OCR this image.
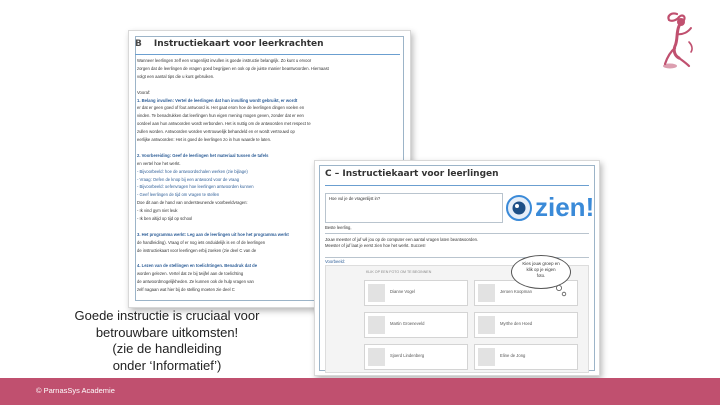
B Instructiekaart voor leerkrachten
Wanneer leerlingen zelf een vragenlijst invullen is goede instructie belangrijk. Zo kunt u ervoor
zorgen dat de leerlingen de vragen goed begrijpen en ook op de juiste manier beantwoorden. Hiernaast
volgt een aantal tips die u kunt gebruiken.
Vooraf:
1. Belang invullen: Vertel de leerlingen dat hun invulling wordt gebruikt, er wordt
er dat er geen goed of fout antwoord is. Het gaat erom hoe de leerlingen dingen voelen en
vinden. Te benadrukken dat leerlingen hun eigen mening mogen geven, zonder dat er een
oordeel aan hun antwoorden wordt verbonden. Het is nuttig om de antwoorden met respect te
zullen worden. Antwoorden worden vertrouwelijk behandeld en er wordt vertrouwd op
eerlijke antwoorden: Het is goed de leerlingen zo in hun waarde te laten.
2. Voorbereiding: Geef de leerlingen het materiaal tussen de tafels
en vertel hoe het werkt.
- Bijvoorbeeld: hoe de antwoordschalen werken (zie bijlage)
- Vraag: Oefen de knop bij een antwoord voor de vraag
- Bijvoorbeeld: oefenvragen hoe leerlingen antwoorden kunnen
- Geef leerlingen de tijd om vragen te stellen
Doe dit aan de hand van ondersteunende voorbeeldvragen:
- Ik vind gym niet leuk
- Ik ben altijd op tijd op school
3. Het programma werkt: Leg aan de leerlingen uit hoe het programma werkt
de handleiding). Vraag of er nog iets onduidelijk is en of de leerlingen
de instructiekaart voor leerlingen erbij zoeken (zie deel C van de
4. Lezen van de stellingen en toelichtingen. Benadruk dat de
worden gelezen. Vertel dat ze bij twijfel aan de toelichting
de antwoordmogelijkheden. Ze kunnen ook de hulp vragen van
zelf nagaan wat hier bij de stelling moeten zie deel C
C – Instructiekaart voor leerlingen
Hoe vul je de vragenlijst in?	zien!
Beste leerling,
Jouw meester of juf wil jou op de computer een aantal vragen laten beantwoorden.
Meester of juf laat je eerst zien hoe het werkt. Succes!
Voorbeeld:
KLIK OP EEN FOTO OM TE BEGINNEN
Dianne Vogel	Jeroen Koopman
Martin Groeneveld	Myrthe den Hoed
Sjoerd Lindenberg	Eline de Jong
Kies jouw groep en klik op je eigen foto.
Goede instructie is cruciaal voor
betrouwbare uitkomsten!
(zie de handleiding
onder ‘Informatief’)
© ParnasSys Academie
